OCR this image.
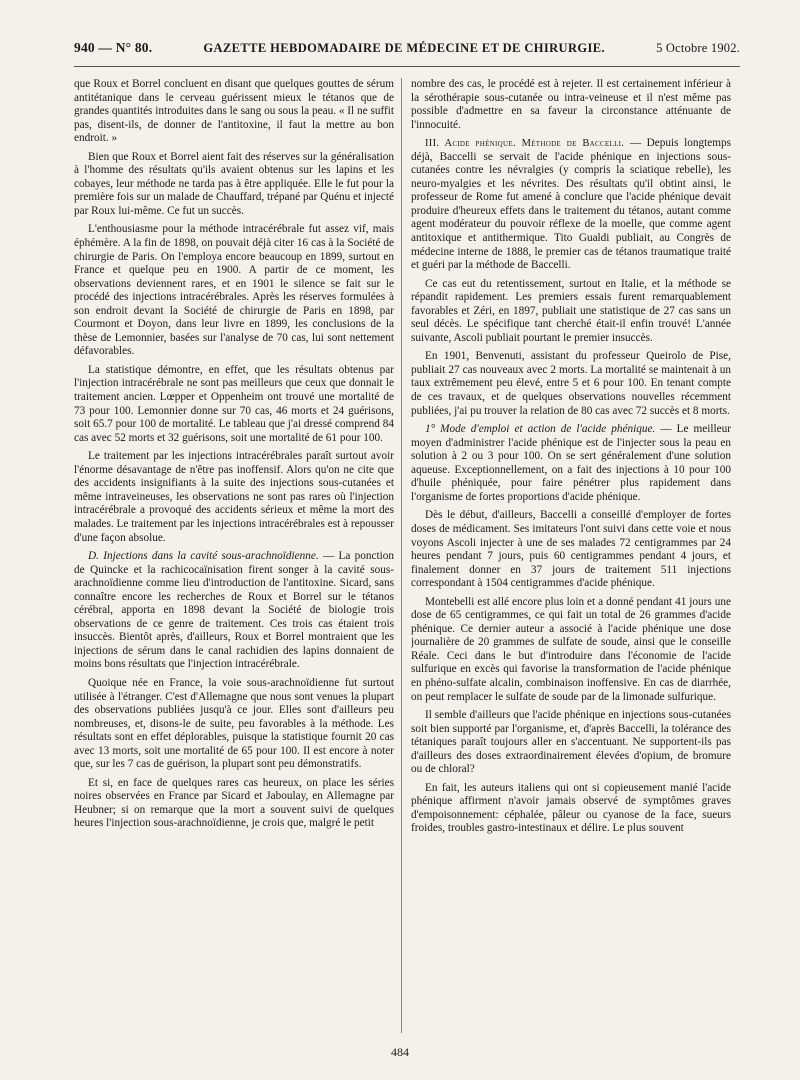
940 — N° 80.	GAZETTE HEBDOMADAIRE DE MÉDECINE ET DE CHIRURGIE.	5 Octobre 1902.

que Roux et Borrel concluent en disant que quelques gouttes de sérum antitétanique dans le cerveau guérissent mieux le tétanos que de grandes quantités introduites dans le sang ou sous la peau. « Il ne suffit pas, disent-ils, de donner de l'antitoxine, il faut la mettre au bon endroit. »

Bien que Roux et Borrel aient fait des réserves sur la généralisation à l'homme des résultats qu'ils avaient obtenus sur les lapins et les cobayes, leur méthode ne tarda pas à être appliquée. Elle le fut pour la première fois sur un malade de Chauffard, trépané par Quénu et injecté par Roux lui-même. Ce fut un succès.

L'enthousiasme pour la méthode intracérébrale fut assez vif, mais éphémère. A la fin de 1898, on pouvait déjà citer 16 cas à la Société de chirurgie de Paris. On l'employa encore beaucoup en 1899, surtout en France et quelque peu en 1900. A partir de ce moment, les observations deviennent rares, et en 1901 le silence se fait sur le procédé des injections intracérébrales. Après les réserves formulées à son endroit devant la Société de chirurgie de Paris en 1898, par Courmont et Doyon, dans leur livre en 1899, les conclusions de la thèse de Lemonnier, basées sur l'analyse de 70 cas, lui sont nettement défavorables.

La statistique démontre, en effet, que les résultats obtenus par l'injection intracérébrale ne sont pas meilleurs que ceux que donnait le traitement ancien. Lœpper et Oppenheim ont trouvé une mortalité de 73 pour 100. Lemonnier donne sur 70 cas, 46 morts et 24 guérisons, soit 65.7 pour 100 de mortalité. Le tableau que j'ai dressé comprend 84 cas avec 52 morts et 32 guérisons, soit une mortalité de 61 pour 100.

Le traitement par les injections intracérébrales paraît surtout avoir l'énorme désavantage de n'être pas inoffensif. Alors qu'on ne cite que des accidents insignifiants à la suite des injections sous-cutanées et même intraveineuses, les observations ne sont pas rares où l'injection intracérébrale a provoqué des accidents sérieux et même la mort des malades. Le traitement par les injections intracérébrales est à repousser d'une façon absolue.

D. Injections dans la cavité sous-arachnoïdienne. — La ponction de Quincke et la rachicocaïnisation firent songer à la cavité sous-arachnoïdienne comme lieu d'introduction de l'antitoxine. Sicard, sans connaître encore les recherches de Roux et Borrel sur le tétanos cérébral, apporta en 1898 devant la Société de biologie trois observations de ce genre de traitement. Ces trois cas étaient trois insuccès. Bientôt après, d'ailleurs, Roux et Borrel montraient que les injections de sérum dans le canal rachidien des lapins donnaient de moins bons résultats que l'injection intracérébrale.

Quoique née en France, la voie sous-arachnoïdienne fut surtout utilisée à l'étranger. C'est d'Allemagne que nous sont venues la plupart des observations publiées jusqu'à ce jour. Elles sont d'ailleurs peu nombreuses, et, disons-le de suite, peu favorables à la méthode. Les résultats sont en effet déplorables, puisque la statistique fournit 20 cas avec 13 morts, soit une mortalité de 65 pour 100. Il est encore à noter que, sur les 7 cas de guérison, la plupart sont peu démonstratifs.

Et si, en face de quelques rares cas heureux, on place les séries noires observées en France par Sicard et Jaboulay, en Allemagne par Heubner; si on remarque que la mort a souvent suivi de quelques heures l'injection sous-arachnoïdienne, je crois que, malgré le petit

nombre des cas, le procédé est à rejeter. Il est certainement inférieur à la sérothérapie sous-cutanée ou intra-veineuse et il n'est même pas possible d'admettre en sa faveur la circonstance atténuante de l'innocuité.

III. Acide phénique. Méthode de Baccelli. — Depuis longtemps déjà, Baccelli se servait de l'acide phénique en injections sous-cutanées contre les névralgies (y compris la sciatique rebelle), les neuro-myalgies et les névrites. Des résultats qu'il obtint ainsi, le professeur de Rome fut amené à conclure que l'acide phénique devait produire d'heureux effets dans le traitement du tétanos, autant comme agent modérateur du pouvoir réflexe de la moelle, que comme agent antitoxique et antithermique. Tito Gualdi publiait, au Congrès de médecine interne de 1888, le premier cas de tétanos traumatique traité et guéri par la méthode de Baccelli.

Ce cas eut du retentissement, surtout en Italie, et la méthode se répandit rapidement. Les premiers essais furent remarquablement favorables et Zéri, en 1897, publiait une statistique de 27 cas sans un seul décès. Le spécifique tant cherché était-il enfin trouvé! L'année suivante, Ascoli publiait pourtant le premier insuccès.

En 1901, Benvenuti, assistant du professeur Queirolo de Pise, publiait 27 cas nouveaux avec 2 morts. La mortalité se maintenait à un taux extrêmement peu élevé, entre 5 et 6 pour 100. En tenant compte de ces travaux, et de quelques observations nouvelles récemment publiées, j'ai pu trouver la relation de 80 cas avec 72 succès et 8 morts.

1° Mode d'emploi et action de l'acide phénique. — Le meilleur moyen d'administrer l'acide phénique est de l'injecter sous la peau en solution à 2 ou 3 pour 100. On se sert généralement d'une solution aqueuse. Exceptionnellement, on a fait des injections à 10 pour 100 d'huile phéniquée, pour faire pénétrer plus rapidement dans l'organisme de fortes proportions d'acide phénique.

Dès le début, d'ailleurs, Baccelli a conseillé d'employer de fortes doses de médicament. Ses imitateurs l'ont suivi dans cette voie et nous voyons Ascoli injecter à une de ses malades 72 centigrammes par 24 heures pendant 7 jours, puis 60 centigrammes pendant 4 jours, et finalement donner en 37 jours de traitement 511 injections correspondant à 1504 centigrammes d'acide phénique.

Montebelli est allé encore plus loin et a donné pendant 41 jours une dose de 65 centigrammes, ce qui fait un total de 26 grammes d'acide phénique. Ce dernier auteur a associé à l'acide phénique une dose journalière de 20 grammes de sulfate de soude, ainsi que le conseille Réale. Ceci dans le but d'introduire dans l'économie de l'acide sulfurique en excès qui favorise la transformation de l'acide phénique en phéno-sulfate alcalin, combinaison inoffensive. En cas de diarrhée, on peut remplacer le sulfate de soude par de la limonade sulfurique.

Il semble d'ailleurs que l'acide phénique en injections sous-cutanées soit bien supporté par l'organisme, et, d'après Baccelli, la tolérance des tétaniques paraît toujours aller en s'accentuant. Ne supportent-ils pas d'ailleurs des doses extraordinairement élevées d'opium, de bromure ou de chloral?

En fait, les auteurs italiens qui ont si copieusement manié l'acide phénique affirment n'avoir jamais observé de symptômes graves d'empoisonnement: céphalée, pâleur ou cyanose de la face, sueurs froides, troubles gastro-intestinaux et délire. Le plus souvent

484
